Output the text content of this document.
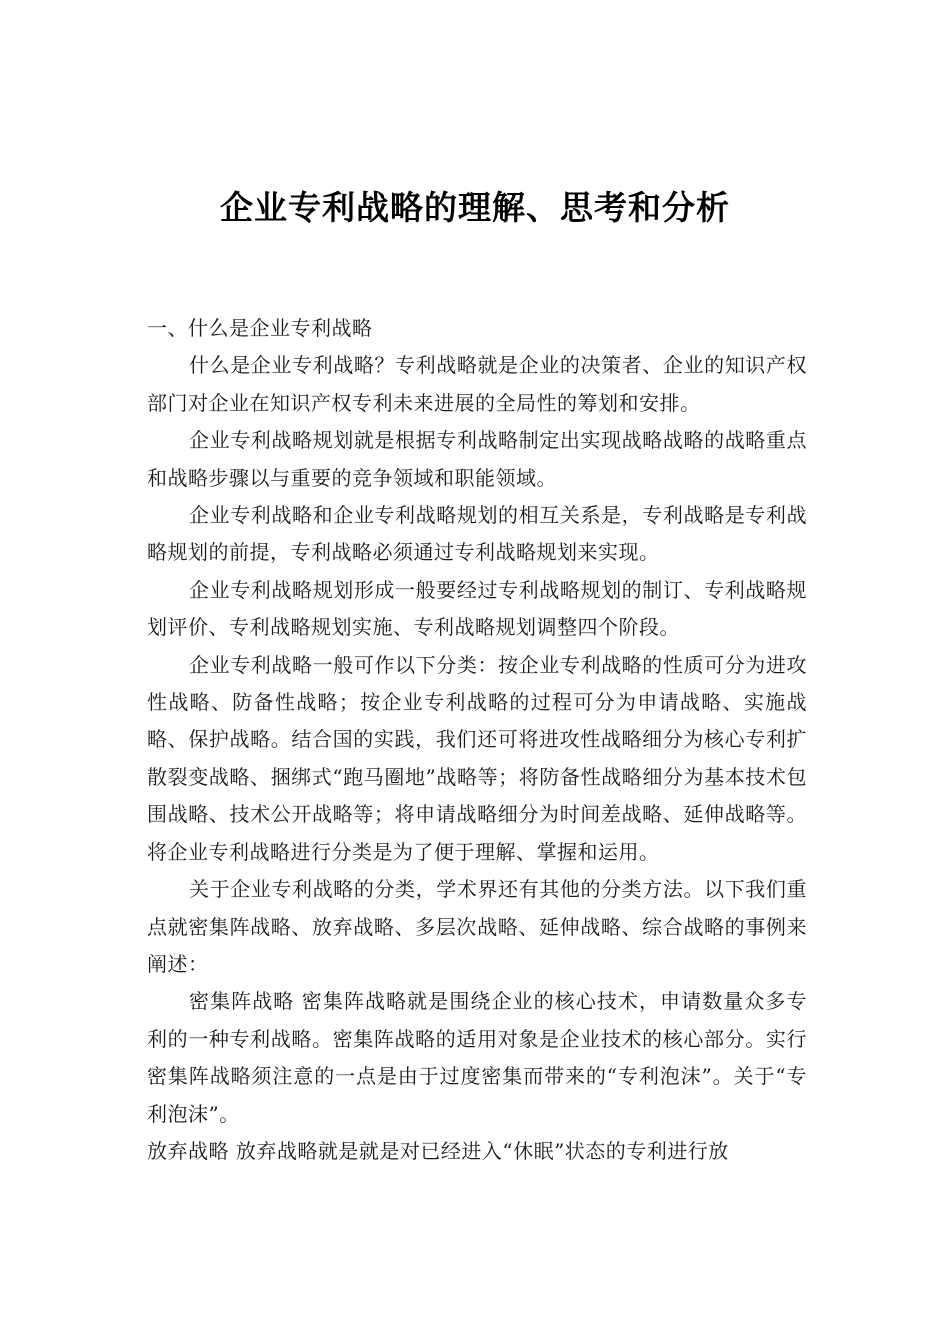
企业专利战略的理解、思考和分析

一、什么是企业专利战略

什么是企业专利战略？专利战略就是企业的决策者、企业的知识产权部门对企业在知识产权专利未来进展的全局性的筹划和安排。

企业专利战略规划就是根据专利战略制定出实现战略战略的战略重点和战略步骤以与重要的竞争领域和职能领域。

企业专利战略和企业专利战略规划的相互关系是，专利战略是专利战略规划的前提，专利战略必须通过专利战略规划来实现。

企业专利战略规划形成一般要经过专利战略规划的制订、专利战略规划评价、专利战略规划实施、专利战略规划调整四个阶段。

企业专利战略一般可作以下分类：按企业专利战略的性质可分为进攻性战略、防备性战略；按企业专利战略的过程可分为申请战略、实施战略、保护战略。结合国的实践，我们还可将进攻性战略细分为核心专利扩散裂变战略、捆绑式“跑马圈地”战略等；将防备性战略细分为基本技术包围战略、技术公开战略等；将申请战略细分为时间差战略、延伸战略等。将企业专利战略进行分类是为了便于理解、掌握和运用。

关于企业专利战略的分类，学术界还有其他的分类方法。以下我们重点就密集阵战略、放弃战略、多层次战略、延伸战略、综合战略的事例来阐述：

密集阵战略 密集阵战略就是围绕企业的核心技术，申请数量众多专利的一种专利战略。密集阵战略的适用对象是企业技术的核心部分。实行密集阵战略须注意的一点是由于过度密集而带来的“专利泡沫”。关于“专利泡沫”。

放弃战略 放弃战略就是就是对已经进入“休眠”状态的专利进行放
